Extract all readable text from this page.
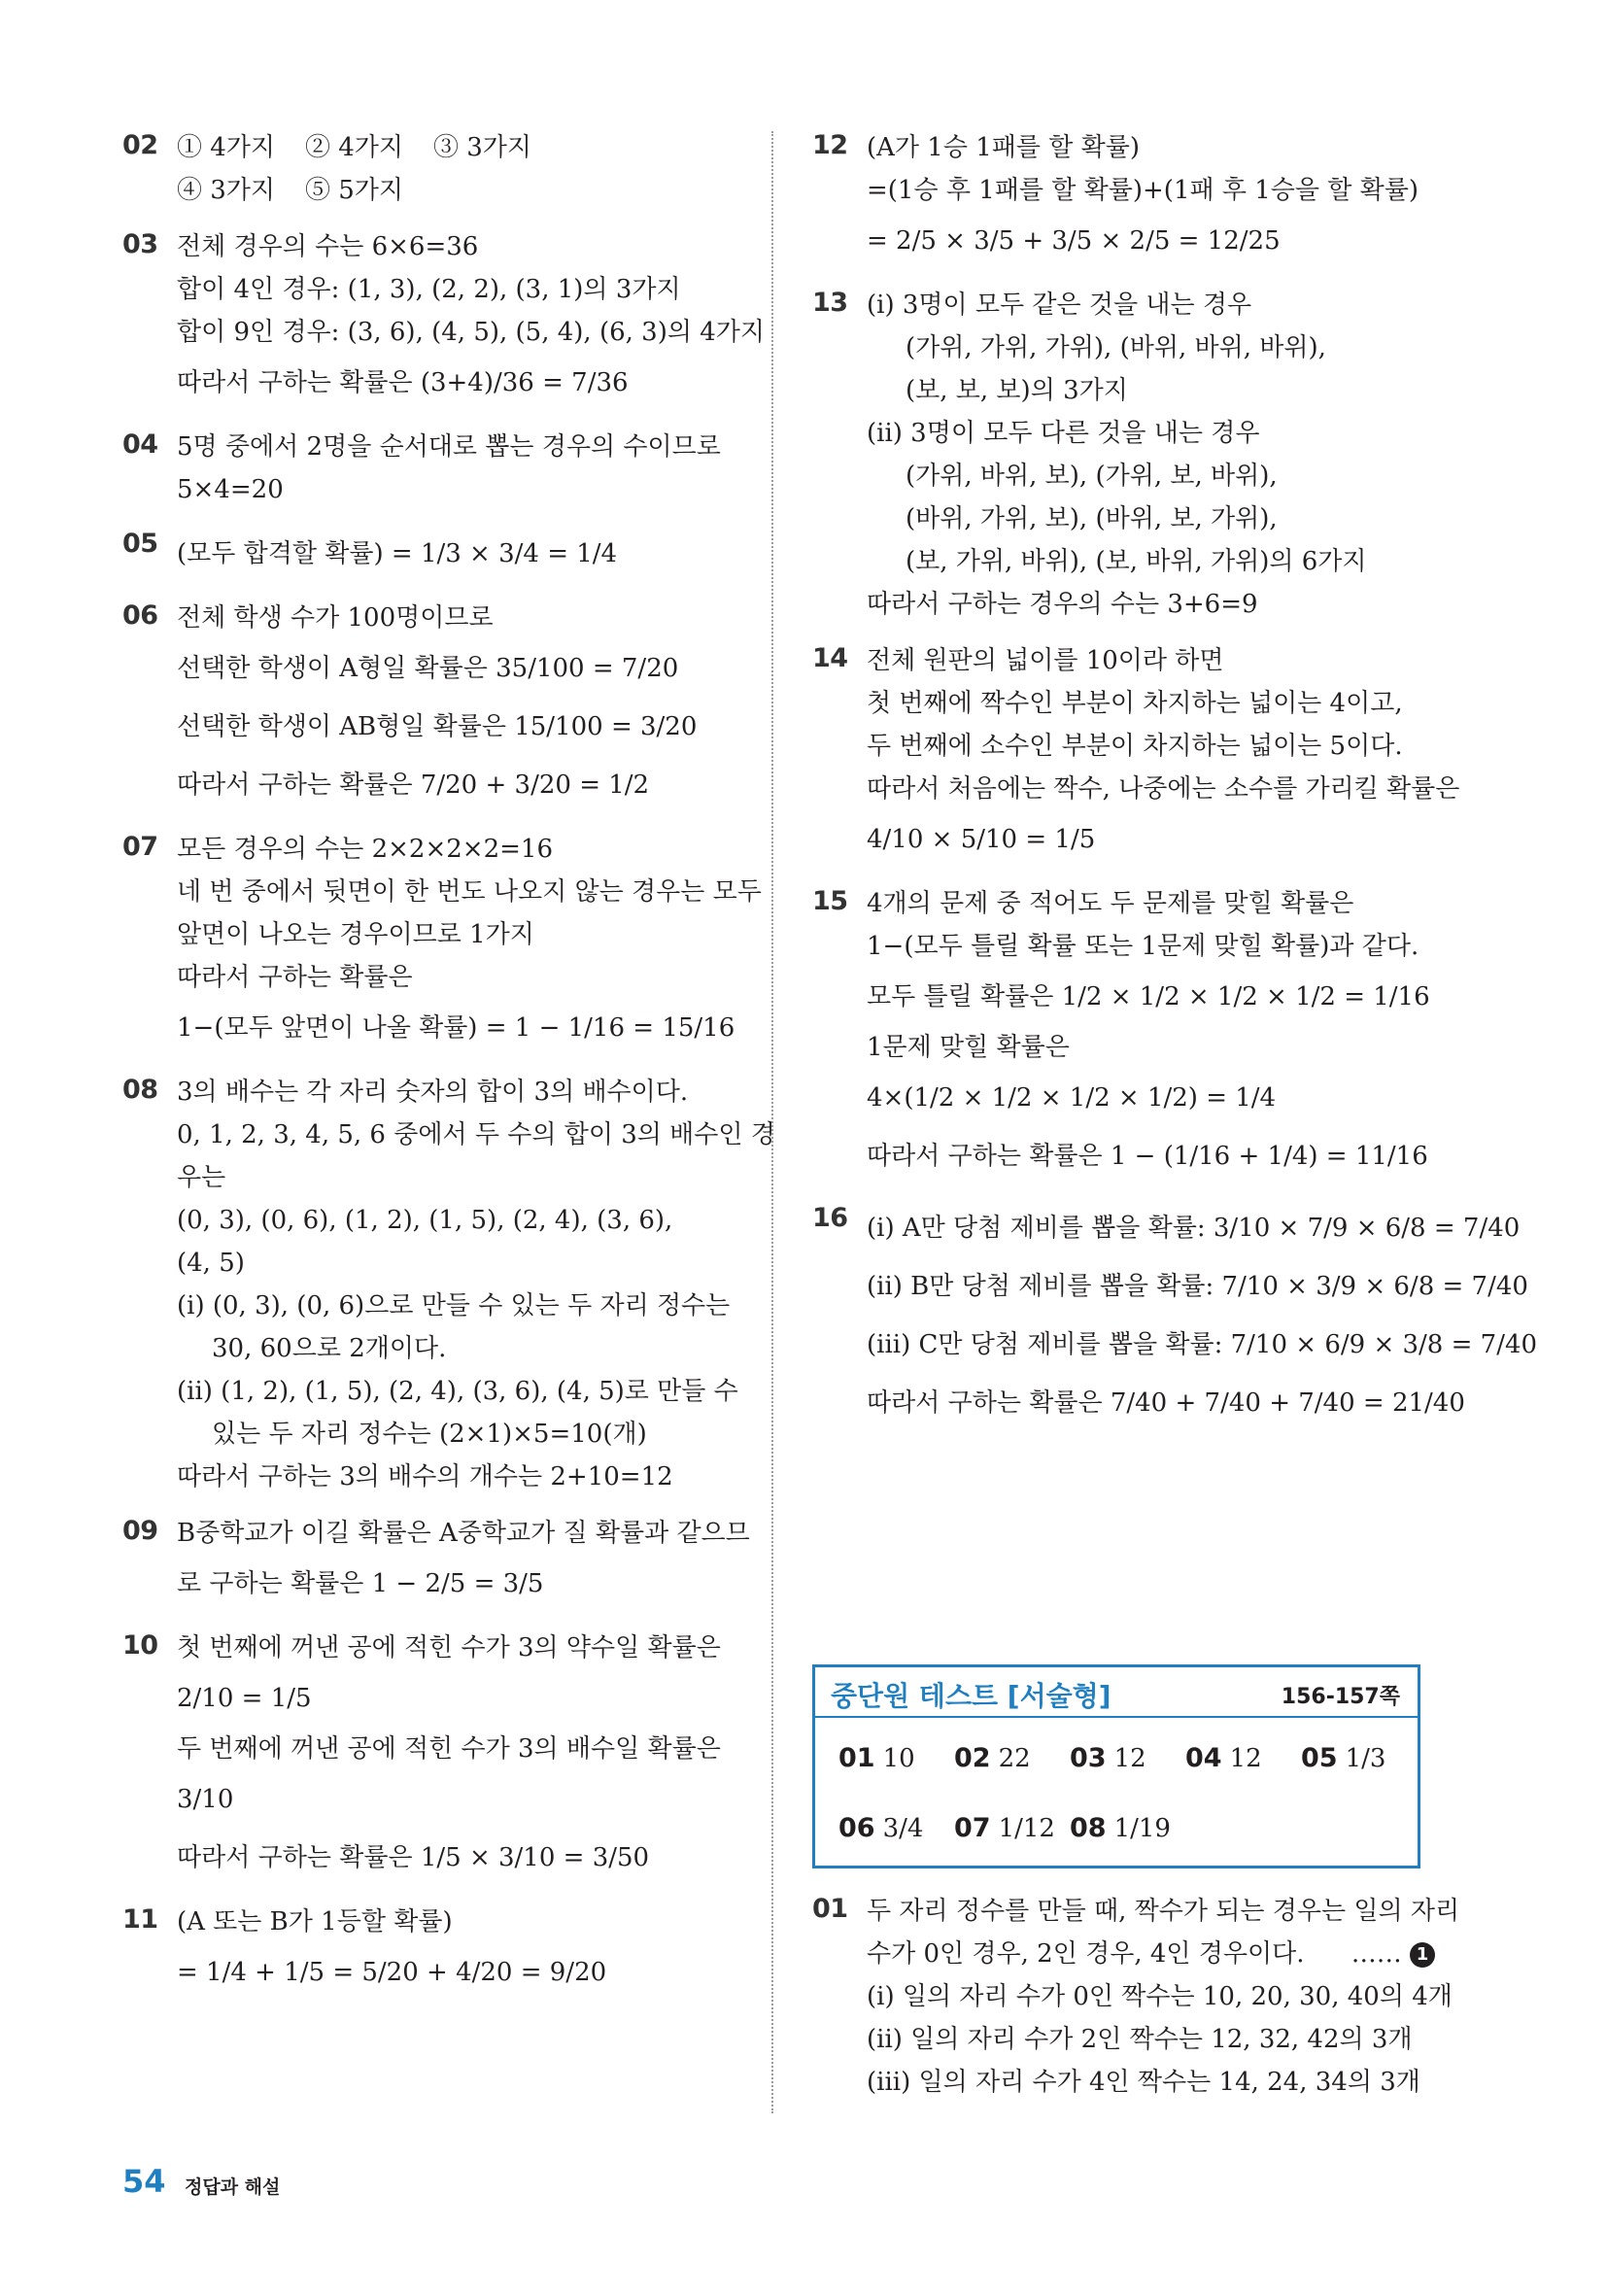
02 ① 4가지 ② 4가지 ③ 3가지
④ 3가지 ⑤ 5가지
03 전체 경우의 수는 6×6=36
합이 4인 경우: (1, 3), (2, 2), (3, 1)의 3가지
합이 9인 경우: (3, 6), (4, 5), (5, 4), (6, 3)의 4가지
따라서 구하는 확률은 (3+4)/36 = 7/36
04 5명 중에서 2명을 순서대로 뽑는 경우의 수이므로
5×4=20
05 (모두 합격할 확률) = 1/3 × 3/4 = 1/4
06 전체 학생 수가 100명이므로
선택한 학생이 A형일 확률은 35/100 = 7/20
선택한 학생이 AB형일 확률은 15/100 = 3/20
따라서 구하는 확률은 7/20 + 3/20 = 1/2
07 모든 경우의 수는 2×2×2×2=16
네 번 중에서 뒷면이 한 번도 나오지 않는 경우는 모두
앞면이 나오는 경우이므로 1가지
따라서 구하는 확률은
1−(모두 앞면이 나올 확률) = 1 − 1/16 = 15/16
08 3의 배수는 각 자리 숫자의 합이 3의 배수이다.
0, 1, 2, 3, 4, 5, 6 중에서 두 수의 합이 3의 배수인 경
우는
(0, 3), (0, 6), (1, 2), (1, 5), (2, 4), (3, 6),
(4, 5)
(i) (0, 3), (0, 6)으로 만들 수 있는 두 자리 정수는
30, 60으로 2개이다.
(ii) (1, 2), (1, 5), (2, 4), (3, 6), (4, 5)로 만들 수
있는 두 자리 정수는 (2×1)×5=10(개)
따라서 구하는 3의 배수의 개수는 2+10=12
09 B중학교가 이길 확률은 A중학교가 질 확률과 같으므
로 구하는 확률은 1 − 2/5 = 3/5
10 첫 번째에 꺼낸 공에 적힌 수가 3의 약수일 확률은
2/10 = 1/5
두 번째에 꺼낸 공에 적힌 수가 3의 배수일 확률은
3/10
따라서 구하는 확률은 1/5 × 3/10 = 3/50
11 (A 또는 B가 1등할 확률)
= 1/4 + 1/5 = 5/20 + 4/20 = 9/20
12 (A가 1승 1패를 할 확률)
=(1승 후 1패를 할 확률)+(1패 후 1승을 할 확률)
= 2/5 × 3/5 + 3/5 × 2/5 = 12/25
13 (i) 3명이 모두 같은 것을 내는 경우
(가위, 가위, 가위), (바위, 바위, 바위),
(보, 보, 보)의 3가지
(ii) 3명이 모두 다른 것을 내는 경우
(가위, 바위, 보), (가위, 보, 바위),
(바위, 가위, 보), (바위, 보, 가위),
(보, 가위, 바위), (보, 바위, 가위)의 6가지
따라서 구하는 경우의 수는 3+6=9
14 전체 원판의 넓이를 10이라 하면
첫 번째에 짝수인 부분이 차지하는 넓이는 4이고,
두 번째에 소수인 부분이 차지하는 넓이는 5이다.
따라서 처음에는 짝수, 나중에는 소수를 가리킬 확률은
4/10 × 5/10 = 1/5
15 4개의 문제 중 적어도 두 문제를 맞힐 확률은
1−(모두 틀릴 확률 또는 1문제 맞힐 확률)과 같다.
모두 틀릴 확률은 1/2 × 1/2 × 1/2 × 1/2 = 1/16
1문제 맞힐 확률은
4×(1/2 × 1/2 × 1/2 × 1/2) = 1/4
따라서 구하는 확률은 1 − (1/16 + 1/4) = 11/16
16 (i) A만 당첨 제비를 뽑을 확률: 3/10 × 7/9 × 6/8 = 7/40
(ii) B만 당첨 제비를 뽑을 확률: 7/10 × 3/9 × 6/8 = 7/40
(iii) C만 당첨 제비를 뽑을 확률: 7/10 × 6/9 × 3/8 = 7/40
따라서 구하는 확률은 7/40 + 7/40 + 7/40 = 21/40
중단원 테스트 [서술형]	156-157쪽
01 10 02 22 03 12 04 12 05 1/3
06 3/4 07 1/12 08 1/19
01 두 자리 정수를 만들 때, 짝수가 되는 경우는 일의 자리
수가 0인 경우, 2인 경우, 4인 경우이다. …… 1
(i) 일의 자리 수가 0인 짝수는 10, 20, 30, 40의 4개
(ii) 일의 자리 수가 2인 짝수는 12, 32, 42의 3개
(iii) 일의 자리 수가 4인 짝수는 14, 24, 34의 3개
54 정답과 해설
